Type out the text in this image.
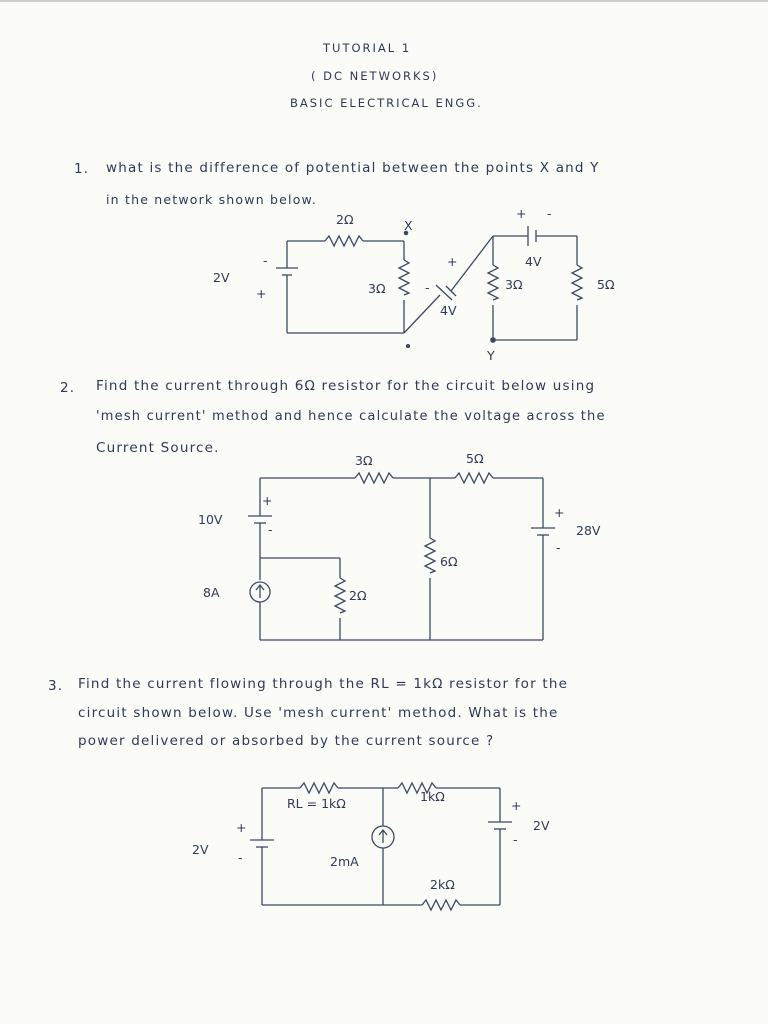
TUTORIAL 1
( DC NETWORKS)
BASIC ELECTRICAL ENGG.
1. what is the difference of potential between the points X and Y
in the network shown below.
2. Find the current through 6Ω resistor for the circuit below using
'mesh current' method and hence calculate the voltage across the
Current Source.
3. Find the current flowing through the RL = 1kΩ resistor for the
circuit shown below. Use 'mesh current' method. What is the
power delivered or absorbed by the current source ?
2Ω	X
2V
-
+	3Ω	-
+
4V
+ -
4V
3Ω	5Ω
Y
3Ω	5Ω
10V
+
-	28V
+
-
6Ω
8A	2Ω
RL = 1kΩ	1kΩ
2V
+
-	2mA
2V
+
-
2kΩ
